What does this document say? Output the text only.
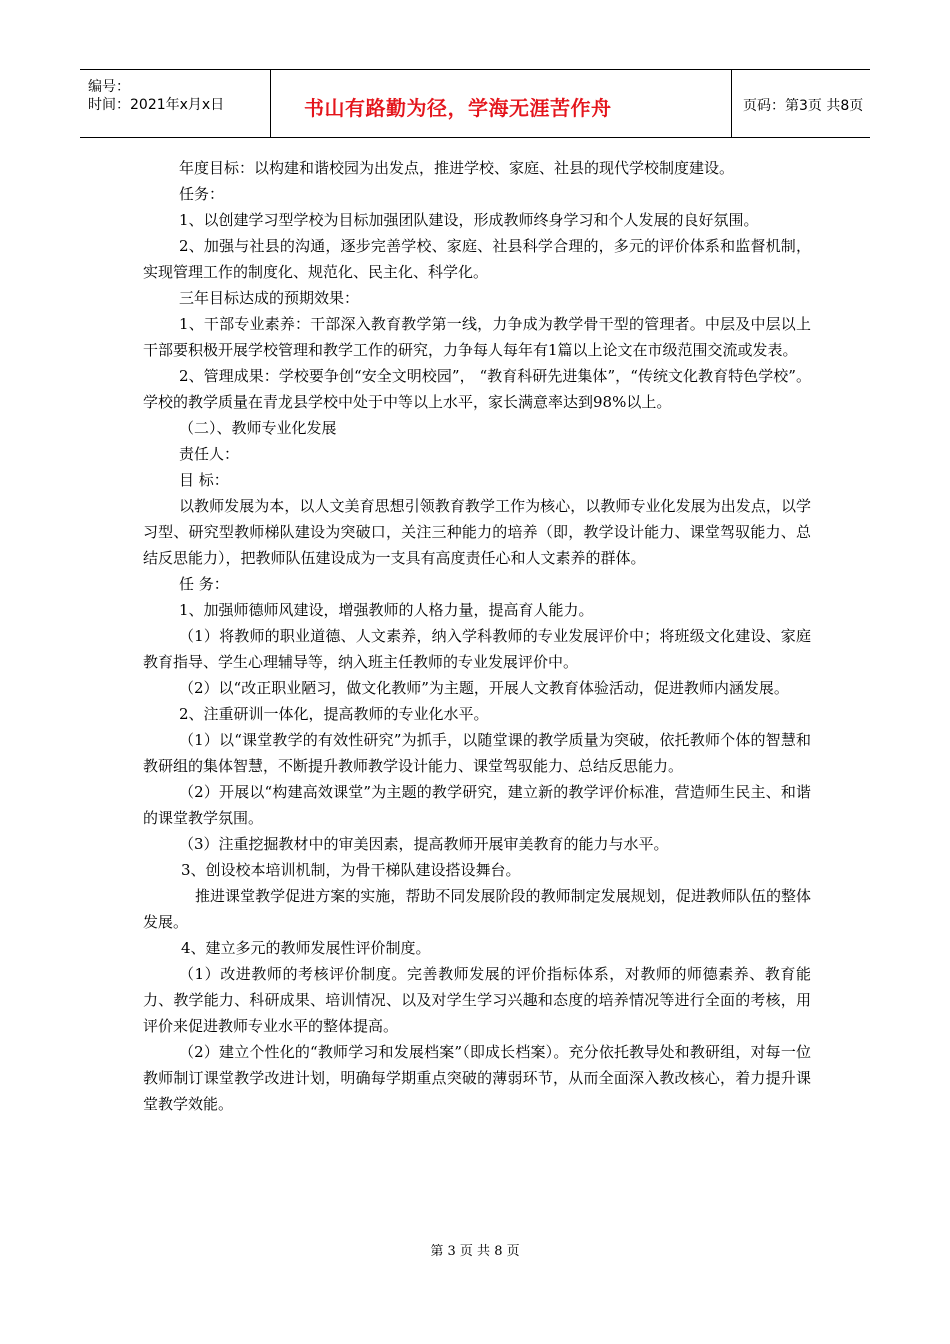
编号：
时间：2021年x月x日	书山有路勤为径，学海无涯苦作舟	页码：第3页 共8页

年度目标：以构建和谐校园为出发点，推进学校、家庭、社县的现代学校制度建设。

任务：

1、以创建学习型学校为目标加强团队建设，形成教师终身学习和个人发展的良好氛围。

2、加强与社县的沟通，逐步完善学校、家庭、社县科学合理的，多元的评价体系和监督机制，实现管理工作的制度化、规范化、民主化、科学化。

三年目标达成的预期效果：

1、干部专业素养：干部深入教育教学第一线，力争成为教学骨干型的管理者。中层及中层以上干部要积极开展学校管理和教学工作的研究，力争每人每年有1篇以上论文在市级范围交流或发表。

2、管理成果：学校要争创“安全文明校园”， “教育科研先进集体”，“传统文化教育特色学校”。学校的教学质量在青龙县学校中处于中等以上水平，家长满意率达到98%以上。

（二）、教师专业化发展

责任人：

目 标：

以教师发展为本，以人文美育思想引领教育教学工作为核心，以教师专业化发展为出发点，以学习型、研究型教师梯队建设为突破口，关注三种能力的培养（即，教学设计能力、课堂驾驭能力、总结反思能力），把教师队伍建设成为一支具有高度责任心和人文素养的群体。

任 务：

1、加强师德师风建设，增强教师的人格力量，提高育人能力。

（1）将教师的职业道德、人文素养，纳入学科教师的专业发展评价中；将班级文化建设、家庭教育指导、学生心理辅导等，纳入班主任教师的专业发展评价中。

（2）以“改正职业陋习，做文化教师”为主题，开展人文教育体验活动，促进教师内涵发展。

2、注重研训一体化，提高教师的专业化水平。

（1）以“课堂教学的有效性研究”为抓手，以随堂课的教学质量为突破，依托教师个体的智慧和教研组的集体智慧，不断提升教师教学设计能力、课堂驾驭能力、总结反思能力。

（2）开展以“构建高效课堂”为主题的教学研究，建立新的教学评价标准，营造师生民主、和谐的课堂教学氛围。

（3）注重挖掘教材中的审美因素，提高教师开展审美教育的能力与水平。

3、创设校本培训机制，为骨干梯队建设搭设舞台。

推进课堂教学促进方案的实施，帮助不同发展阶段的教师制定发展规划，促进教师队伍的整体发展。

4、建立多元的教师发展性评价制度。

（1）改进教师的考核评价制度。完善教师发展的评价指标体系，对教师的师德素养、教育能力、教学能力、科研成果、培训情况、以及对学生学习兴趣和态度的培养情况等进行全面的考核，用评价来促进教师专业水平的整体提高。

（2）建立个性化的“教师学习和发展档案”（即成长档案）。充分依托教导处和教研组，对每一位教师制订课堂教学改进计划，明确每学期重点突破的薄弱环节，从而全面深入教改核心，着力提升课堂教学效能。

第 3 页 共 8 页
